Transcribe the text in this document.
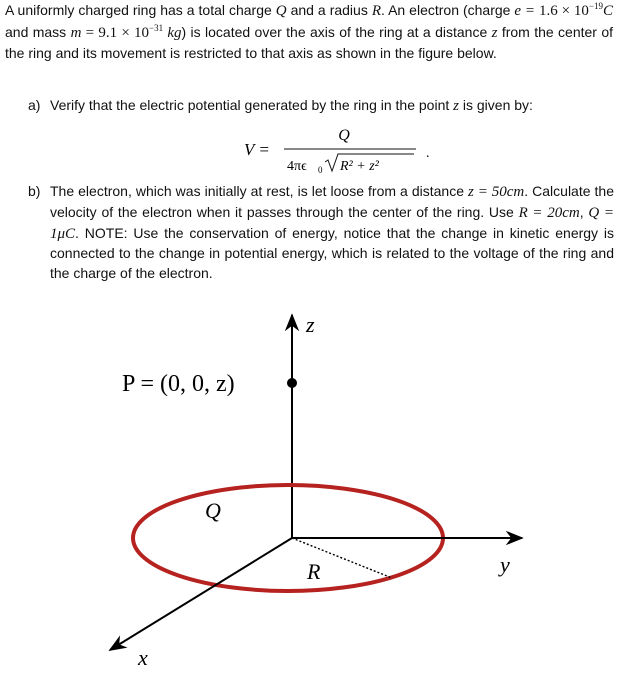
A uniformly charged ring has a total charge Q and a radius R. An electron (charge $e = 1.6 \times 10^{-19}C$ and mass $m = 9.1 \times 10^{-31}$ kg) is located over the axis of the ring at a distance z from the center of the ring and its movement is restricted to that axis as shown in the figure below.
a) Verify that the electric potential generated by the ring in the point z is given by:
V =
Q
4πϵ 0 R² + z²
.
b) The electron, which was initially at rest, is let loose from a distance z = 50cm. Calculate the velocity of the electron when it passes through the center of the ring. Use R = 20cm, Q = 1μC. NOTE: Use the conservation of energy, notice that the change in kinetic energy is connected to the change in potential energy, which is related to the voltage of the ring and the charge of the electron.
z
P = (0, 0, z)
y
x
R
Q
